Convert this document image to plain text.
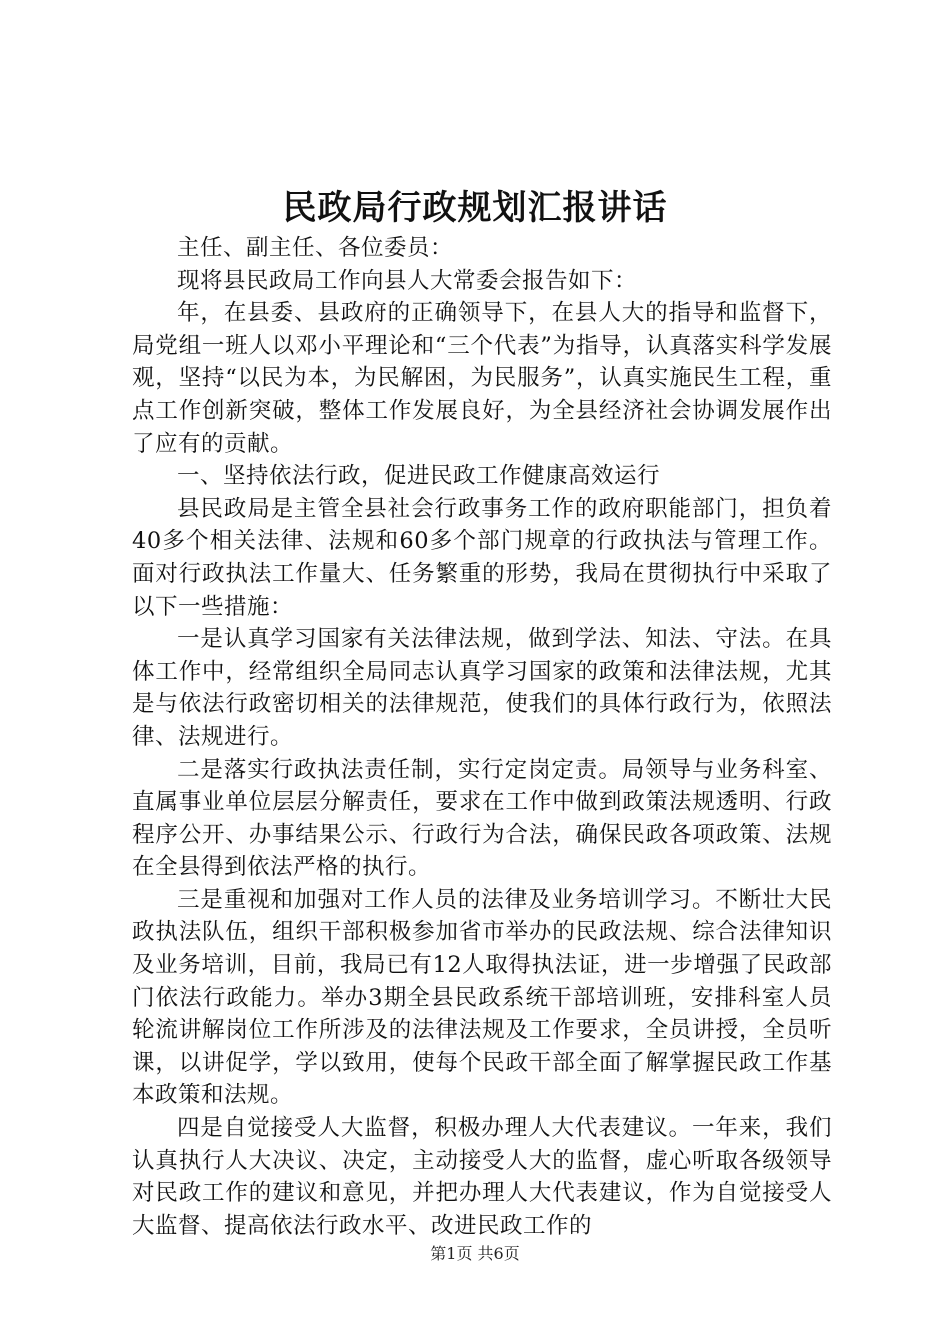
民政局行政规划汇报讲话

主任、副主任、各位委员：

现将县民政局工作向县人大常委会报告如下：

年，在县委、县政府的正确领导下，在县人大的指导和监督下，局党组一班人以邓小平理论和“三个代表”为指导，认真落实科学发展观，坚持“以民为本，为民解困，为民服务”，认真实施民生工程，重点工作创新突破，整体工作发展良好，为全县经济社会协调发展作出了应有的贡献。

一、坚持依法行政，促进民政工作健康高效运行

县民政局是主管全县社会行政事务工作的政府职能部门，担负着40多个相关法律、法规和60多个部门规章的行政执法与管理工作。面对行政执法工作量大、任务繁重的形势，我局在贯彻执行中采取了以下一些措施：

一是认真学习国家有关法律法规，做到学法、知法、守法。在具体工作中，经常组织全局同志认真学习国家的政策和法律法规，尤其是与依法行政密切相关的法律规范，使我们的具体行政行为，依照法律、法规进行。

二是落实行政执法责任制，实行定岗定责。局领导与业务科室、直属事业单位层层分解责任，要求在工作中做到政策法规透明、行政程序公开、办事结果公示、行政行为合法，确保民政各项政策、法规在全县得到依法严格的执行。

三是重视和加强对工作人员的法律及业务培训学习。不断壮大民政执法队伍，组织干部积极参加省市举办的民政法规、综合法律知识及业务培训，目前，我局已有12人取得执法证，进一步增强了民政部门依法行政能力。举办3期全县民政系统干部培训班，安排科室人员轮流讲解岗位工作所涉及的法律法规及工作要求，全员讲授，全员听课，以讲促学，学以致用，使每个民政干部全面了解掌握民政工作基本政策和法规。

四是自觉接受人大监督，积极办理人大代表建议。一年来，我们认真执行人大决议、决定，主动接受人大的监督，虚心听取各级领导对民政工作的建议和意见，并把办理人大代表建议，作为自觉接受人大监督、提高依法行政水平、改进民政工作的

第1页 共6页
